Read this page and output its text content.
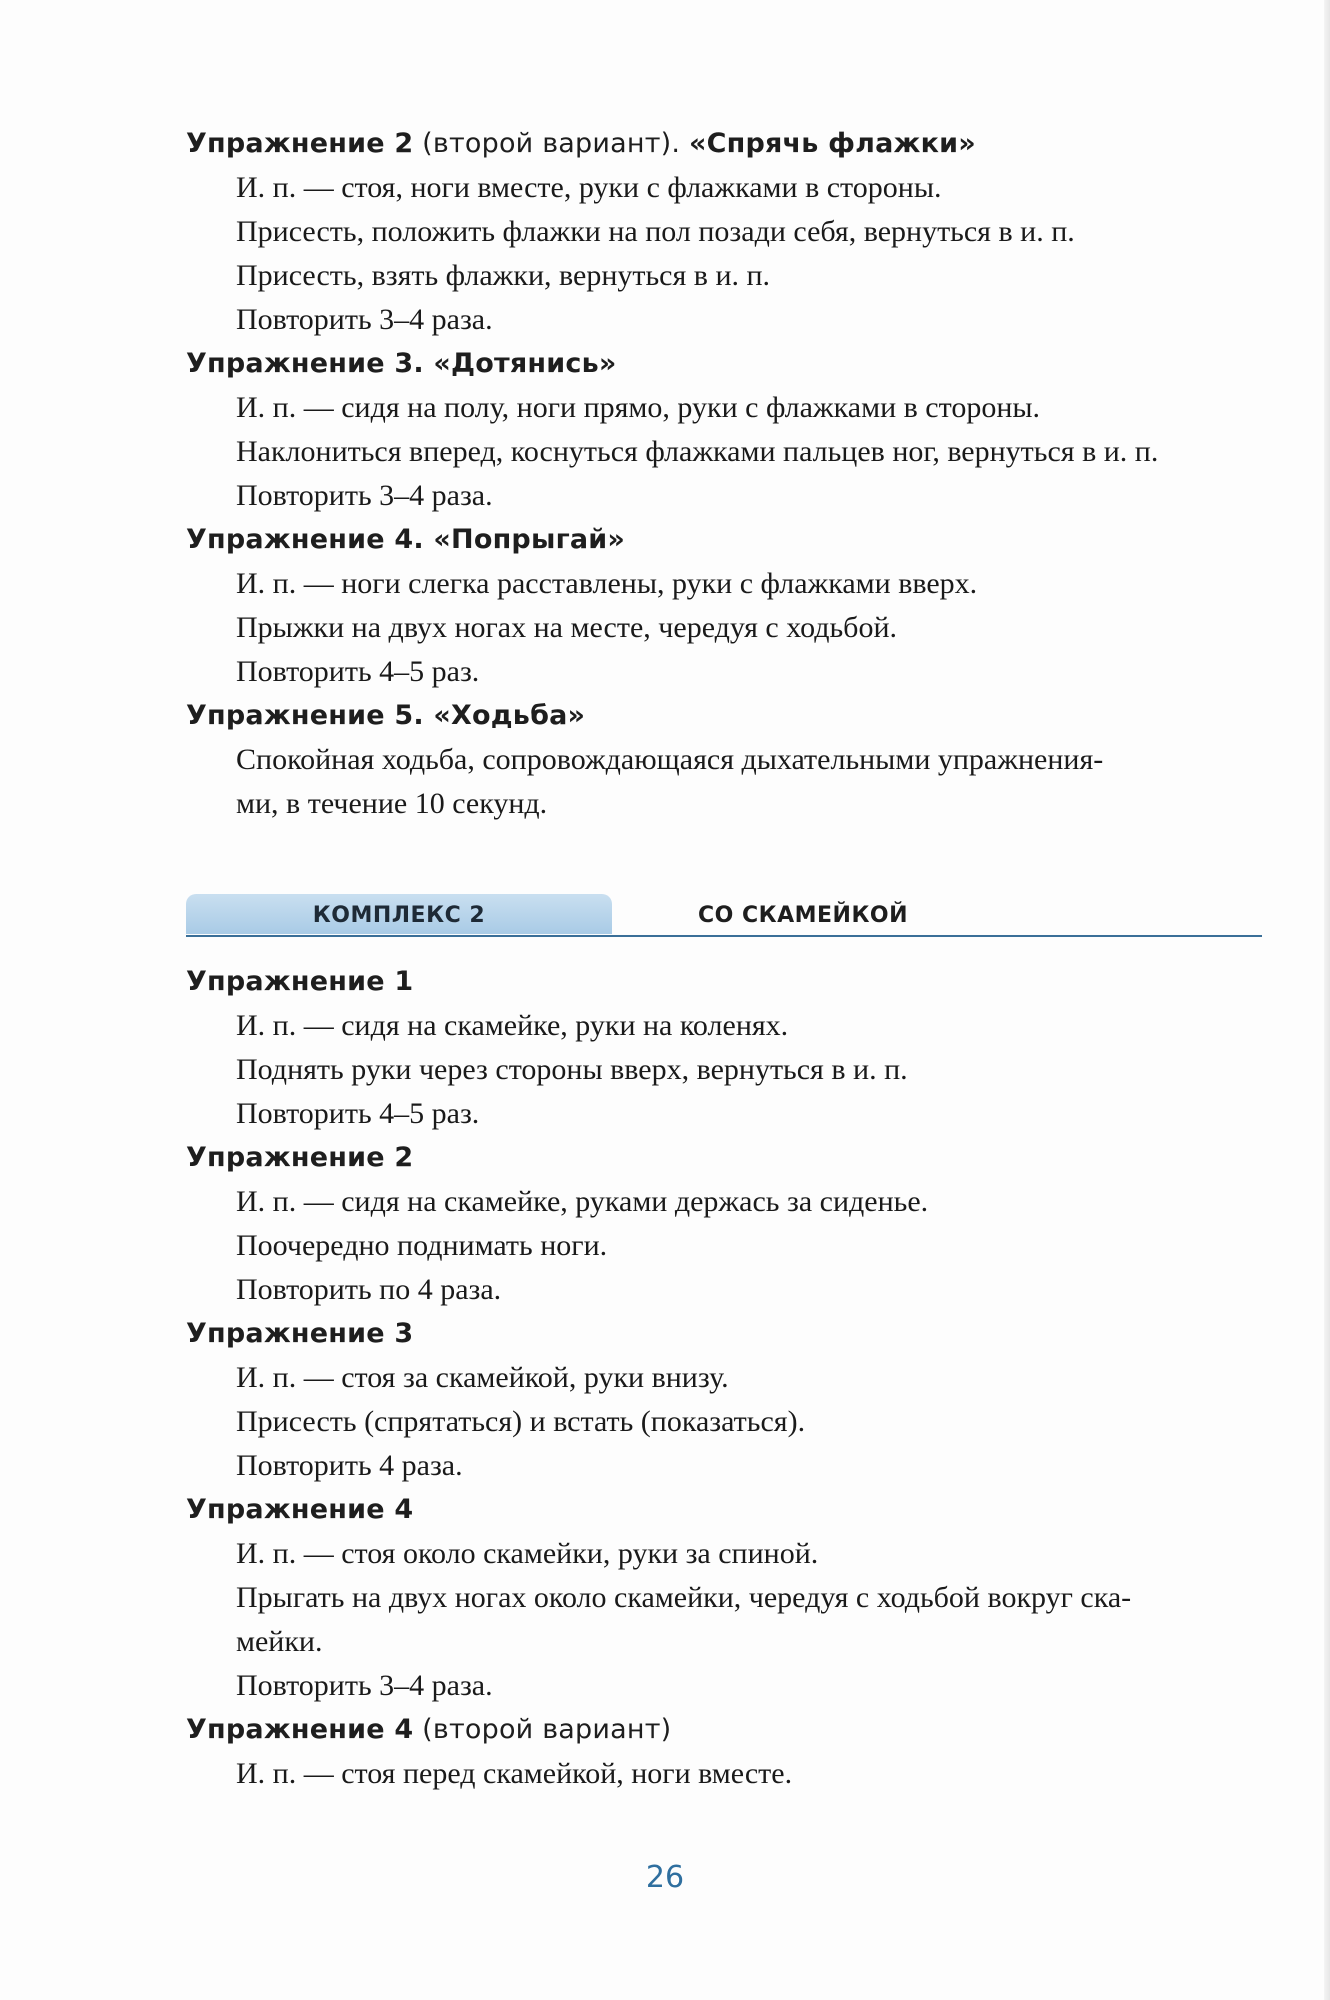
Упражнение 2 (второй вариант). «Спрячь флажки»
И. п. — стоя, ноги вместе, руки с флажками в стороны.
Присесть, положить флажки на пол позади себя, вернуться в и. п.
Присесть, взять флажки, вернуться в и. п.
Повторить 3–4 раза.
Упражнение 3. «Дотянись»
И. п. — сидя на полу, ноги прямо, руки с флажками в стороны.
Наклониться вперед, коснуться флажками пальцев ног, вернуться в и. п.
Повторить 3–4 раза.
Упражнение 4. «Попрыгай»
И. п. — ноги слегка расставлены, руки с флажками вверх.
Прыжки на двух ногах на месте, чередуя с ходьбой.
Повторить 4–5 раз.
Упражнение 5. «Ходьба»
Спокойная ходьба, сопровождающаяся дыхательными упражнения-
ми, в течение 10 секунд.
КОМПЛЕКС 2	СО СКАМЕЙКОЙ
Упражнение 1
И. п. — сидя на скамейке, руки на коленях.
Поднять руки через стороны вверх, вернуться в и. п.
Повторить 4–5 раз.
Упражнение 2
И. п. — сидя на скамейке, руками держась за сиденье.
Поочередно поднимать ноги.
Повторить по 4 раза.
Упражнение 3
И. п. — стоя за скамейкой, руки внизу.
Присесть (спрятаться) и встать (показаться).
Повторить 4 раза.
Упражнение 4
И. п. — стоя около скамейки, руки за спиной.
Прыгать на двух ногах около скамейки, чередуя с ходьбой вокруг ска-
мейки.
Повторить 3–4 раза.
Упражнение 4 (второй вариант)
И. п. — стоя перед скамейкой, ноги вместе.
26
